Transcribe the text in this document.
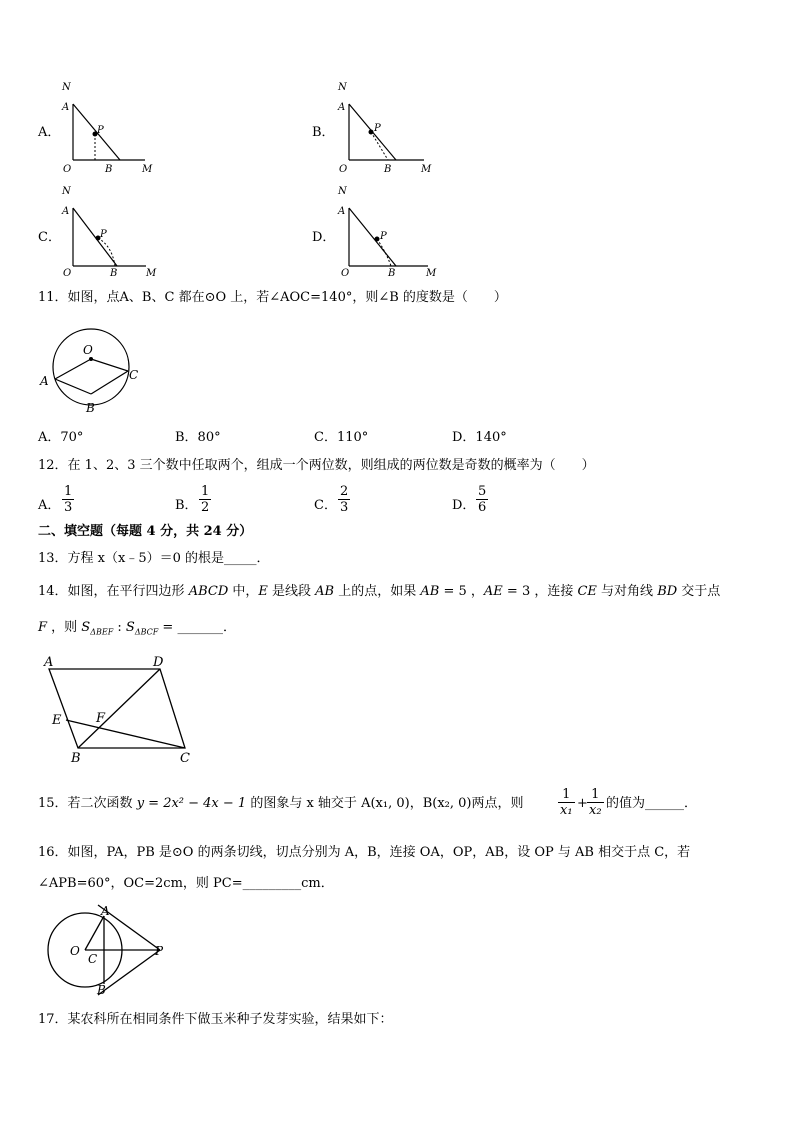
A．
N
A
P
O	B	M
B．
N
A
P
O	B	M
C．
N
A
P
O	B	M
D．
N
A
P
O	B	M
11．如图，点A、B、C 都在⊙O 上，若∠AOC=140°，则∠B 的度数是（　　）
O
A	C
B
A．70°	B．80°	C．110°	D．140°
12．在 1、2、3 三个数中任取两个，组成一个两位数，则组成的两位数是奇数的概率为（　　）
A． $\frac{1}{3}$	B． $\frac{1}{2}$	C． $\frac{2}{3}$	D． $\frac{5}{6}$
二、填空题（每题 4 分，共 24 分）
13．方程 x（x﹣5）＝0 的根是_____．
14．如图，在平行四边形 ABCD 中，E 是线段 AB 上的点，如果 AB = 5 ，AE = 3 ，连接 CE 与对角线 BD 交于点
F ，则 $S_{\Delta BEF}$ : $S_{\Delta BCF}$ = _______．
A	D
E	F
B	C
15．若二次函数 y = 2x² − 4x − 1 的图象与 x 轴交于 A(x₁, 0)，B(x₂, 0)两点，则	$\frac{1}{\text{x₁}} + \frac{1}{\text{x₂}}$ 的值为______．
16．如图，PA，PB 是⊙O 的两条切线，切点分别为 A，B，连接 OA，OP，AB，设 OP 与 AB 相交于点 C，若
∠APB=60°，OC=2cm，则 PC=_________cm．
A
O
C
P
B
17．某农科所在相同条件下做玉米种子发芽实验，结果如下：
